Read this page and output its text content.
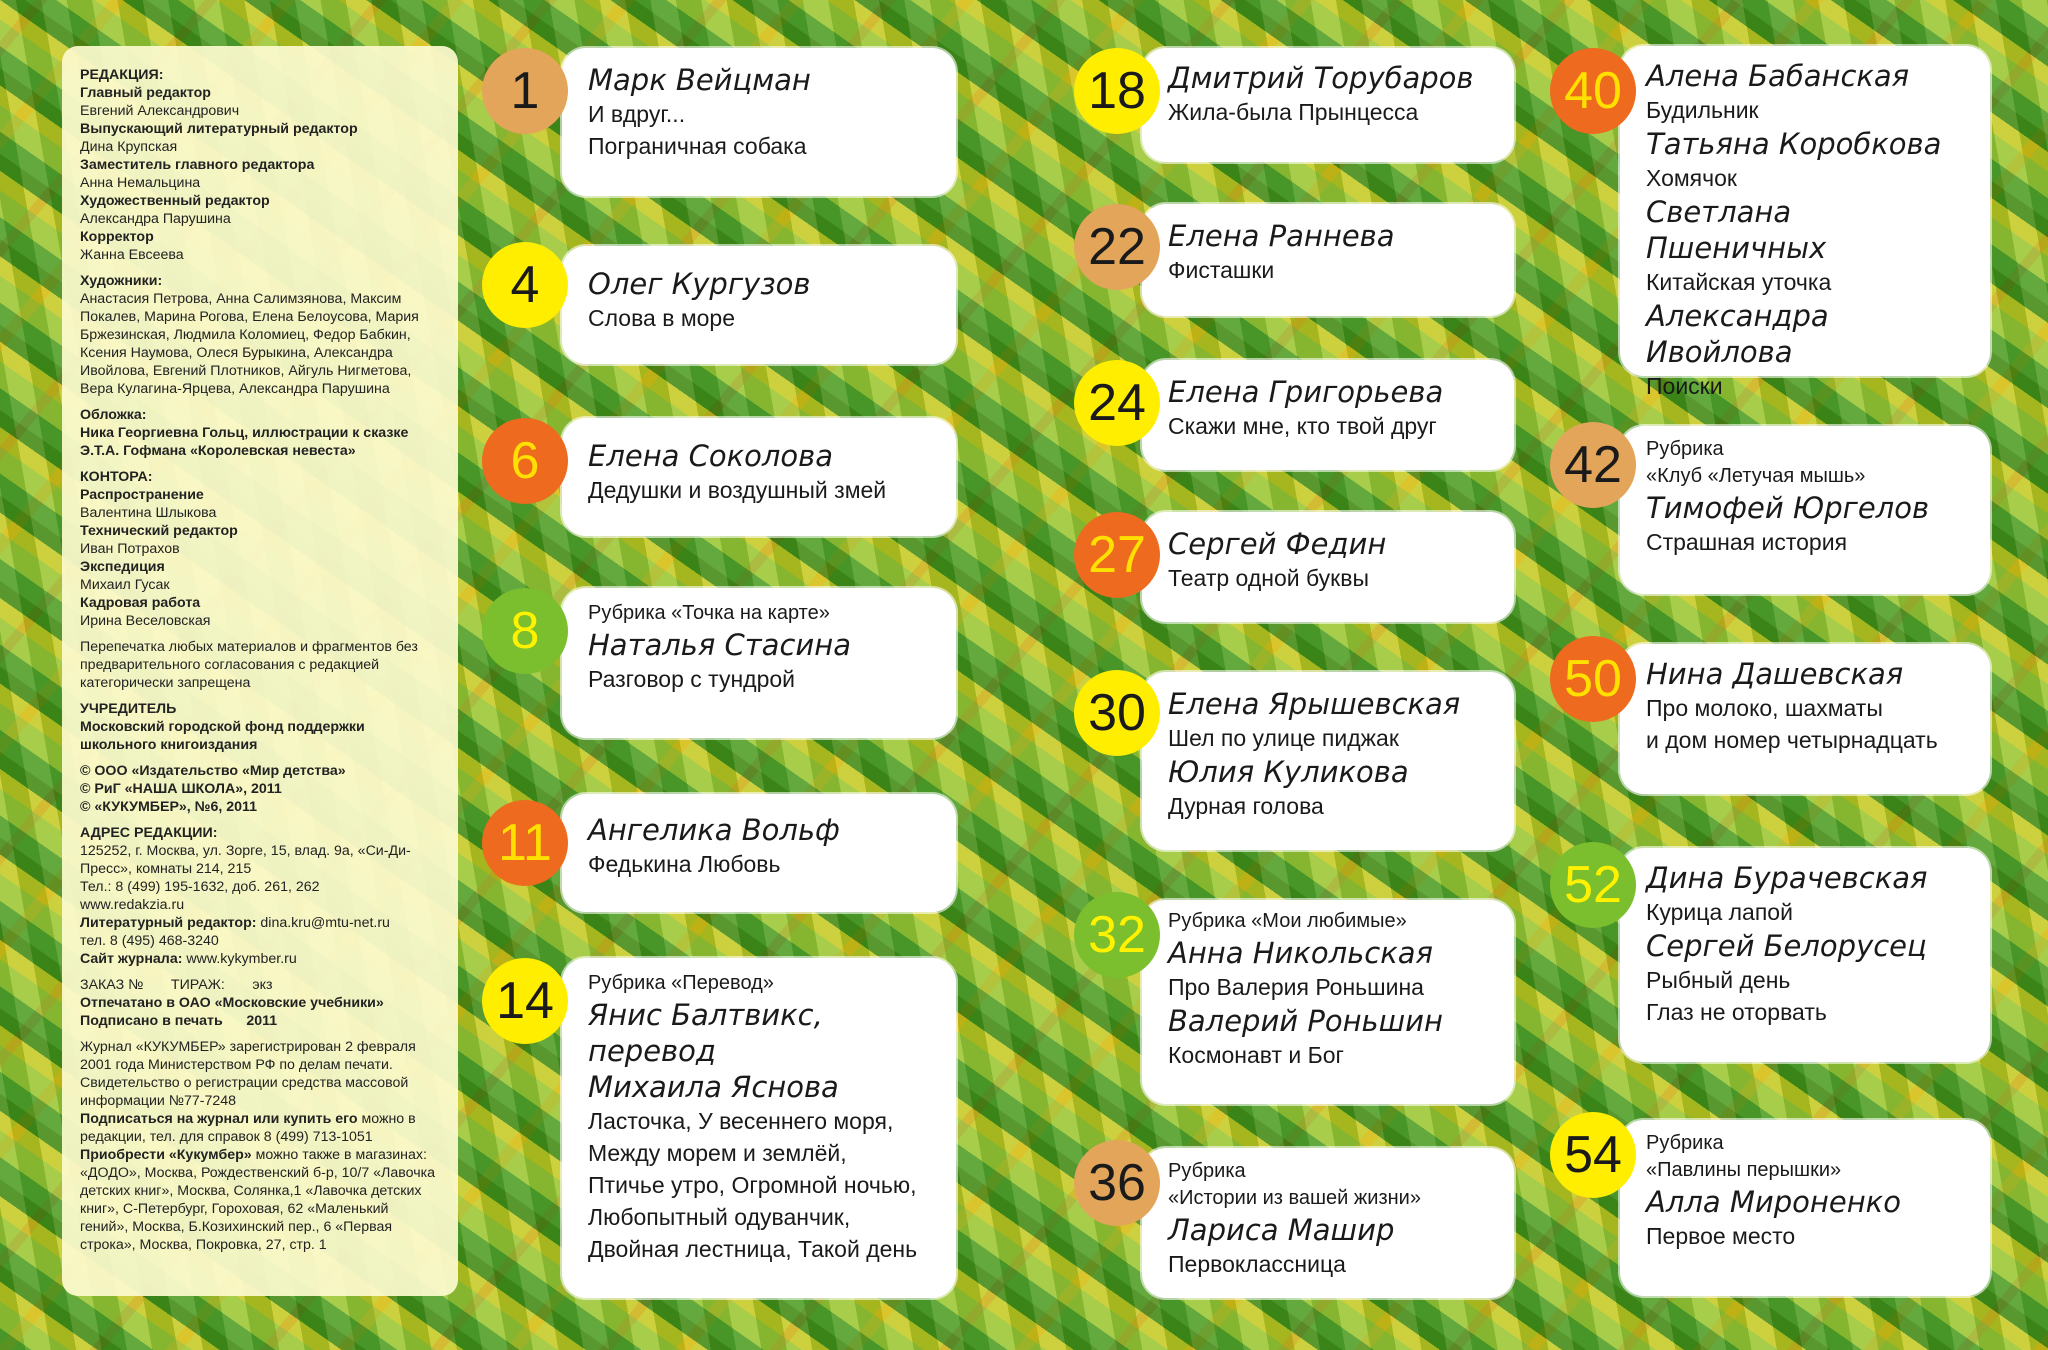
РЕДАКЦИЯ:
Главный редактор
Евгений Александрович
Выпускающий литературный редактор
Дина Крупская
Заместитель главного редактора
Анна Немальцина
Художественный редактор
Александра Парушина
Корректор
Жанна Евсеева
Художники:
Анастасия Петрова, Анна Салимзянова, Максим Покалев, Марина Рогова, Елена Белоусова, Мария Бржезинская, Людмила Коломиец, Федор Бабкин, Ксения Наумова, Олеся Бурыкина, Александра Ивойлова, Евгений Плотников, Айгуль Нигметова, Вера Кулагина-Ярцева, Александра Парушина
Обложка:
Ника Георгиевна Гольц, иллюстрации к сказке Э.Т.А. Гофмана «Королевская невеста»
КОНТОРА:
Распространение
Валентина Шлыкова
Технический редактор
Иван Потрахов
Экспедиция
Михаил Гусак
Кадровая работа
Ирина Веселовская
Перепечатка любых материалов и фрагментов без предварительного согласования с редакцией категорически запрещена
УЧРЕДИТЕЛЬ
Московский городской фонд поддержки школьного книгоиздания
© ООО «Издательство «Мир детства»
© РиГ «НАША ШКОЛА», 2011
© «КУКУМБЕР», №6, 2011
АДРЕС РЕДАКЦИИ:
125252, г. Москва, ул. Зорге, 15, влад. 9а, «Си-Ди-Пресс», комнаты 214, 215
Тел.: 8 (499) 195-1632, доб. 261, 262
www.redakzia.ru
Литературный редактор: dina.kru@mtu-net.ru
тел. 8 (495) 468-3240
Сайт журнала: www.kykymber.ru
ЗАКАЗ №       ТИРАЖ:       экз
Отпечатано в ОАО «Московские учебники»
Подписано в печать      2011
Журнал «КУКУМБЕР» зарегистрирован 2 февраля 2001 года Министерством РФ по делам печати. Свидетельство о регистрации средства массовой информации №77-7248
Подписаться на журнал или купить его можно в редакции, тел. для справок 8 (499) 713-1051
Приобрести «Кукумбер» можно также в магазинах: «ДОДО», Москва, Рождественский б-р, 10/7 «Лавочка детских книг», Москва, Солянка,1 «Лавочка детских книг», С-Петербург, Гороховая, 62 «Маленький гений», Москва, Б.Козихинский пер., 6 «Первая строка», Москва, Покровка, 27, стр. 1
Марк Вейцман
И вдруг...
Пограничная собака
1
Олег Кургузов
Слова в море
4
Елена Соколова
Дедушки и воздушный змей
6
Рубрика «Точка на карте»
Наталья Стасина
Разговор с тундрой
8
Ангелика Вольф
Федькина Любовь
11
Рубрика «Перевод»
Янис Балтвикс,
перевод
Михаила Яснова
Ласточка, У весеннего моря,
Между морем и землёй,
Птичье утро, Огромной ночью,
Любопытный одуванчик,
Двойная лестница, Такой день
14
Дмитрий Торубаров
Жила-была Прынцесса
18
Елена Раннева
Фисташки
22
Елена Григорьева
Скажи мне, кто твой друг
24
Сергей Федин
Театр одной буквы
27
Елена Ярышевская
Шел по улице пиджак
Юлия Куликова
Дурная голова
30
Рубрика «Мои любимые»
Анна Никольская
Про Валерия Роньшина
Валерий Роньшин
Космонавт и Бог
32
Рубрика
«Истории из вашей жизни»
Лариса Машир
Первоклассница
36
Алена Бабанская
Будильник
Татьяна Коробкова
Хомячок
Светлана Пшеничных
Китайская уточка
Александра Ивойлова
Поиски
40
Рубрика
«Клуб «Летучая мышь»
Тимофей Юргелов
Страшная история
42
Нина Дашевская
Про молоко, шахматы
и дом номер четырнадцать
50
Дина Бурачевская
Курица лапой
Сергей Белорусец
Рыбный день
Глаз не оторвать
52
Рубрика
«Павлины перышки»
Алла Мироненко
Первое место
54
